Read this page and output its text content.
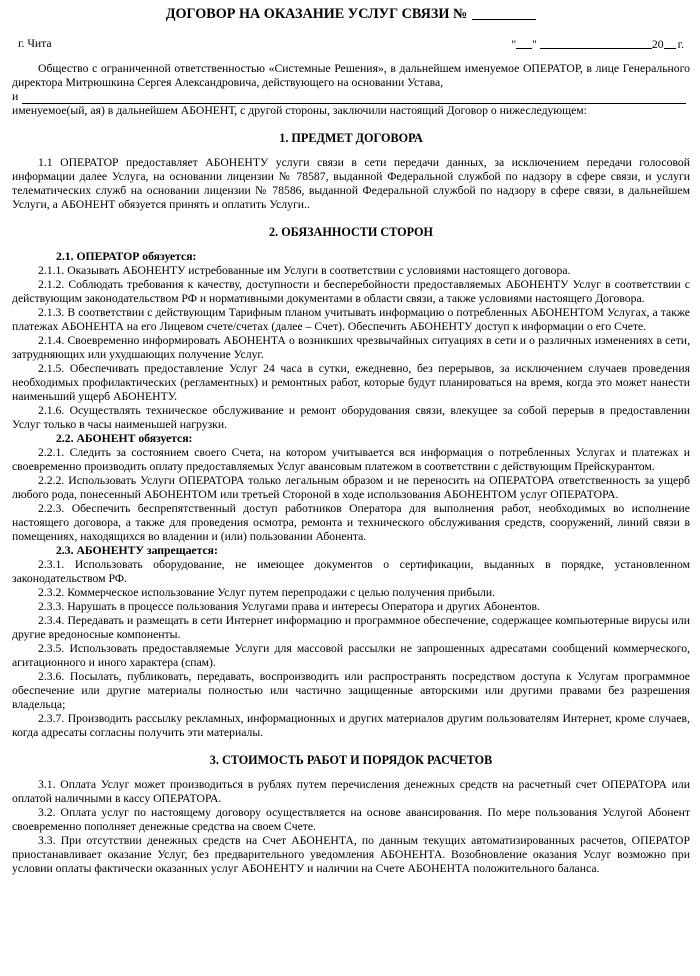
ДОГОВОР НА ОКАЗАНИЕ УСЛУГ СВЯЗИ №
г. Чита	" "	20 г.

Общество с ограниченной ответственностью «Системные Решения», в дальнейшем именуемое ОПЕРАТОР, в лице Генерального директора Митрюшкина Сергея Александровича, действующего на основании Устава,

и

именуемое(ый, ая) в дальнейшем АБОНЕНТ, с другой стороны, заключили настоящий Договор о нижеследующем:

1. ПРЕДМЕТ ДОГОВОРА

1.1 ОПЕРАТОР предоставляет АБОНЕНТУ услуги связи в сети передачи данных, за исключением передачи голосовой информации далее Услуга, на основании лицензии № 78587, выданной Федеральной службой по надзору в сфере связи, и услуги телематических служб на основании лицензии № 78586, выданной Федеральной службой по надзору в сфере связи, в дальнейшем Услуги, а АБОНЕНТ обязуется принять и оплатить Услуги..

2. ОБЯЗАННОСТИ СТОРОН
2.1. ОПЕРАТОР обязуется:

2.1.1. Оказывать АБОНЕНТУ истребованные им Услуги в соответствии с условиями настоящего договора.

2.1.2. Соблюдать требования к качеству, доступности и бесперебойности предоставляемых АБОНЕНТУ Услуг в соответствии с действующим законодательством РФ и нормативными документами в области связи, а также условиями настоящего Договора.

2.1.3. В соответствии с действующим Тарифным планом учитывать информацию о потребленных АБОНЕНТОМ Услугах, а также платежах АБОНЕНТА на его Лицевом счете/счетах (далее – Счет). Обеспечить АБОНЕНТУ доступ к информации о его Счете.

2.1.4. Своевременно информировать АБОНЕНТА о возникших чрезвычайных ситуациях в сети и о различных изменениях в сети, затрудняющих или ухудшающих получение Услуг.

2.1.5. Обеспечивать предоставление Услуг 24 часа в сутки, ежедневно, без перерывов, за исключением случаев проведения необходимых профилактических (регламентных) и ремонтных работ, которые будут планироваться на время, когда это может нанести наименьший ущерб АБОНЕНТУ.

2.1.6. Осуществлять техническое обслуживание и ремонт оборудования связи, влекущее за собой перерыв в предоставлении Услуг только в часы наименьшей нагрузки.

2.2. АБОНЕНТ обязуется:

2.2.1. Следить за состоянием своего Счета, на котором учитывается вся информация о потребленных Услугах и платежах и своевременно производить оплату предоставляемых Услуг авансовым платежом в соответствии с действующим Прейскурантом.

2.2.2. Использовать Услуги ОПЕРАТОРА только легальным образом и не переносить на ОПЕРАТОРА ответственность за ущерб любого рода, понесенный АБОНЕНТОМ или третьей Стороной в ходе использования АБОНЕНТОМ услуг ОПЕРАТОРА.

2.2.3. Обеспечить беспрепятственный доступ работников Оператора для выполнения работ, необходимых во исполнение настоящего договора, а также для проведения осмотра, ремонта и технического обслуживания средств, сооружений, линий связи в помещениях, находящихся во владении и (или) пользовании Абонента.

2.3. АБОНЕНТУ запрещается:

2.3.1. Использовать оборудование, не имеющее документов о сертификации, выданных в порядке, установленном законодательством РФ.

2.3.2. Коммерческое использование Услуг путем перепродажи с целью получения прибыли.

2.3.3. Нарушать в процессе пользования Услугами права и интересы Оператора и других Абонентов.

2.3.4. Передавать и размещать в сети Интернет информацию и программное обеспечение, содержащее компьютерные вирусы или другие вредоносные компоненты.

2.3.5. Использовать предоставляемые Услуги для массовой рассылки не запрошенных адресатами сообщений коммерческого, агитационного и иного характера (спам).

2.3.6. Посылать, публиковать, передавать, воспроизводить или распространять посредством доступа к Услугам программное обеспечение или другие материалы полностью или частично защищенные авторскими или другими правами без разрешения владельца;

2.3.7. Производить рассылку рекламных, информационных и других материалов другим пользователям Интернет, кроме случаев, когда адресаты согласны получить эти материалы.

3. СТОИМОСТЬ РАБОТ И ПОРЯДОК РАСЧЕТОВ

3.1. Оплата Услуг может производиться в рублях путем перечисления денежных средств на расчетный счет ОПЕРАТОРА или оплатой наличными в кассу ОПЕРАТОРА.

3.2. Оплата услуг по настоящему договору осуществляется на основе авансирования. По мере пользования Услугой Абонент своевременно пополняет денежные средства на своем Счете.

3.3. При отсутствии денежных средств на Счет АБОНЕНТА, по данным текущих автоматизированных расчетов, ОПЕРАТОР приостанавливает оказание Услуг, без предварительного уведомления АБОНЕНТА. Возобновление оказания Услуг возможно при условии оплаты фактически оказанных услуг АБОНЕНТУ и наличии на Счете АБОНЕНТА положительного баланса.
